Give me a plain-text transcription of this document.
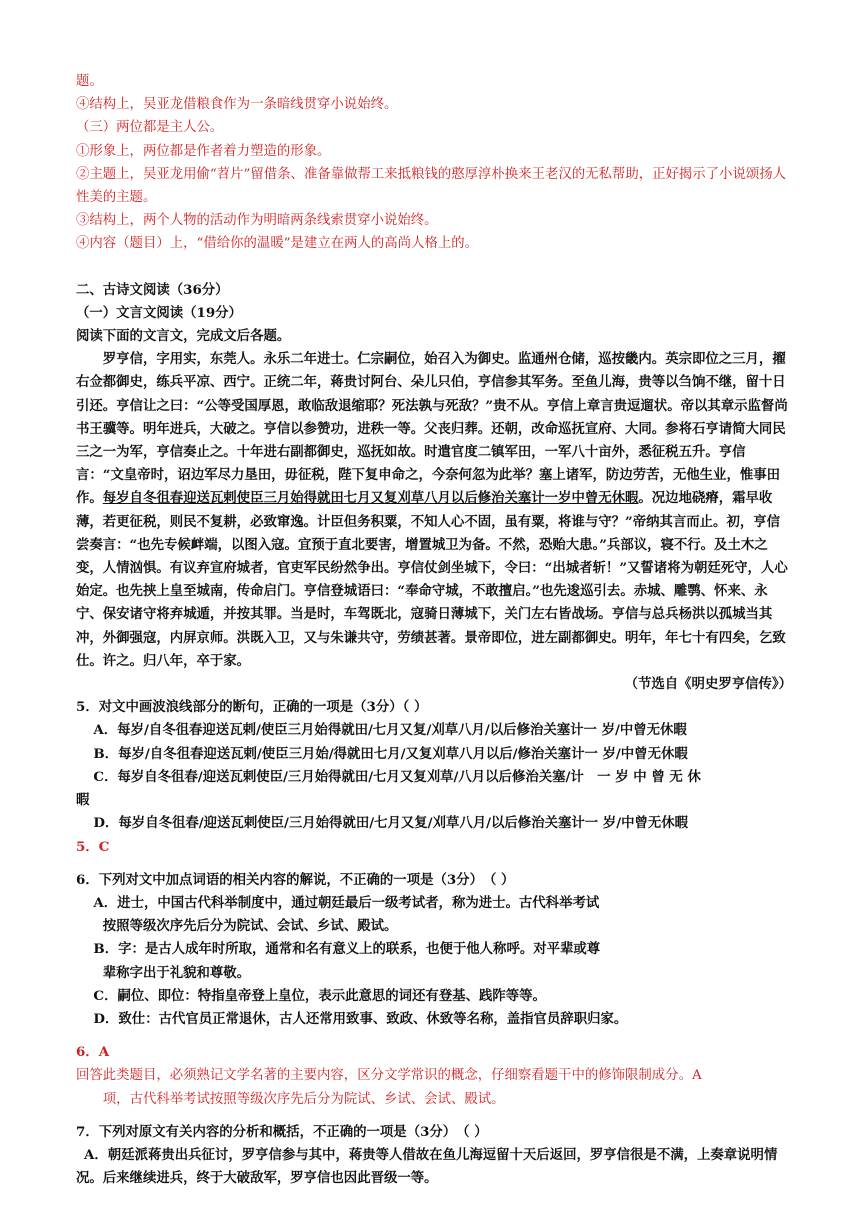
题。

④结构上，吴亚龙借粮食作为一条暗线贯穿小说始终。

（三）两位都是主人公。

①形象上，两位都是作者着力塑造的形象。

②主题上，吴亚龙用偷“苕片”留借条、准备靠做帮工来抵粮钱的憨厚淳朴换来王老汉的无私帮助，正好揭示了小说颂扬人性美的主题。

③结构上，两个人物的活动作为明暗两条线索贯穿小说始终。

④内容（题目）上，“借给你的温暖”是建立在两人的高尚人格上的。

二、古诗文阅读（36分）

（一）文言文阅读（19分）

阅读下面的文言文，完成文后各题。

罗亨信，字用实，东莞人。永乐二年进士。仁宗嗣位，始召入为御史。监通州仓储，巡按畿内。英宗即位之三月，擢右佥都御史，练兵平凉、西宁。正统二年，蒋贵讨阿台、朵儿只伯，亨信参其军务。至鱼儿海，贵等以刍饷不继，留十日引还。亨信让之曰：“公等受国厚恩，敢临敌退缩耶？死法孰与死敌？”贵不从。亨信上章言贵逗遛状。帝以其章示监督尚书王骥等。明年进兵，大破之。亨信以参赞功，进秩一等。父丧归葬。还朝，改命巡抚宣府、大同。参将石亨请简大同民三之一为军，亨信奏止之。十年进右副都御史，巡抚如故。时遣官度二镇军田，一军八十亩外，悉征税五升。亨信言：“文皇帝时，诏边军尽力垦田，毋征税，陛下复申命之，今奈何忽为此举？塞上诸军，防边劳苦，无他生业，惟事田作。每岁自冬徂春迎送瓦剌使臣三月始得就田七月又复刈草八月以后修治关塞计一岁中曾无休暇。况边地硗瘠，霜早收薄，若更征税，则民不复耕，必致窜逸。计臣但务积粟，不知人心不固，虽有粟，将谁与守？”帝纳其言而止。初，亨信尝奏言：“也先专候衅端，以图入寇。宜预于直北要害，增置城卫为备。不然，恐贻大患。”兵部议，寝不行。及土木之变，人情汹惧。有议弃宣府城者，官吏军民纷然争出。亨信仗剑坐城下，令曰：“出城者斩！”又誓诸将为朝廷死守，人心始定。也先挟上皇至城南，传命启门。亨信登城语曰：“奉命守城，不敢擅启。”也先逡巡引去。赤城、雕鹗、怀来、永宁、保安诸守将弃城遁，并按其罪。当是时，车驾既北，寇骑日薄城下，关门左右皆战场。亨信与总兵杨洪以孤城当其冲，外御强寇，内屏京师。洪既入卫，又与朱谦共守，劳绩甚著。景帝即位，进左副都御史。明年，年七十有四矣，乞致仕。许之。归八年，卒于家。

（节选自《明史罗亨信传》）

5．对文中画波浪线部分的断句，正确的一项是（3分）（ ）

A．每岁/自冬徂春迎送瓦剌/使臣三月始得就田/七月又复/刈草八月/以后修治关塞计一 岁/中曾无休暇

B．每岁/自冬徂春迎送瓦剌/使臣三月始/得就田七月/又复刈草八月以后/修治关塞计一 岁/中曾无休暇

C．每岁自冬徂春/迎送瓦剌使臣/三月始得就田/七月又复刈草/八月以后修治关塞/计　一 岁 中 曾 无 休

暇

D．每岁自冬徂春/迎送瓦剌使臣/三月始得就田/七月又复/刈草八月/以后修治关塞计一 岁/中曾无休暇

5．C

6．下列对文中加点词语的相关内容的解说，不正确的一项是（3分）　（ ）

A．进士，中国古代科举制度中，通过朝廷最后一级考试者，称为进士。古代科举考试

按照等级次序先后分为院试、会试、乡试、殿试。

B．字：是古人成年时所取，通常和名有意义上的联系，也便于他人称呼。对平辈或尊

辈称字出于礼貌和尊敬。

C．嗣位、即位：特指皇帝登上皇位，表示此意思的词还有登基、践阼等等。

D．致仕：古代官员正常退休，古人还常用致事、致政、休致等名称，盖指官员辞职归家。

6．A

回答此类题目，必须熟记文学名著的主要内容，区分文学常识的概念，仔细察看题干中的修饰限制成分。A

项，古代科举考试按照等级次序先后分为院试、乡试、会试、殿试。

7．下列对原文有关内容的分析和概括，不正确的一项是（3分）　（ ）

A．朝廷派蒋贵出兵征讨，罗亨信参与其中，蒋贵等人借故在鱼儿海逗留十天后返回，罗亨信很是不满，上奏章说明情况。后来继续进兵，终于大破敌军，罗亨信也因此晋级一等。
